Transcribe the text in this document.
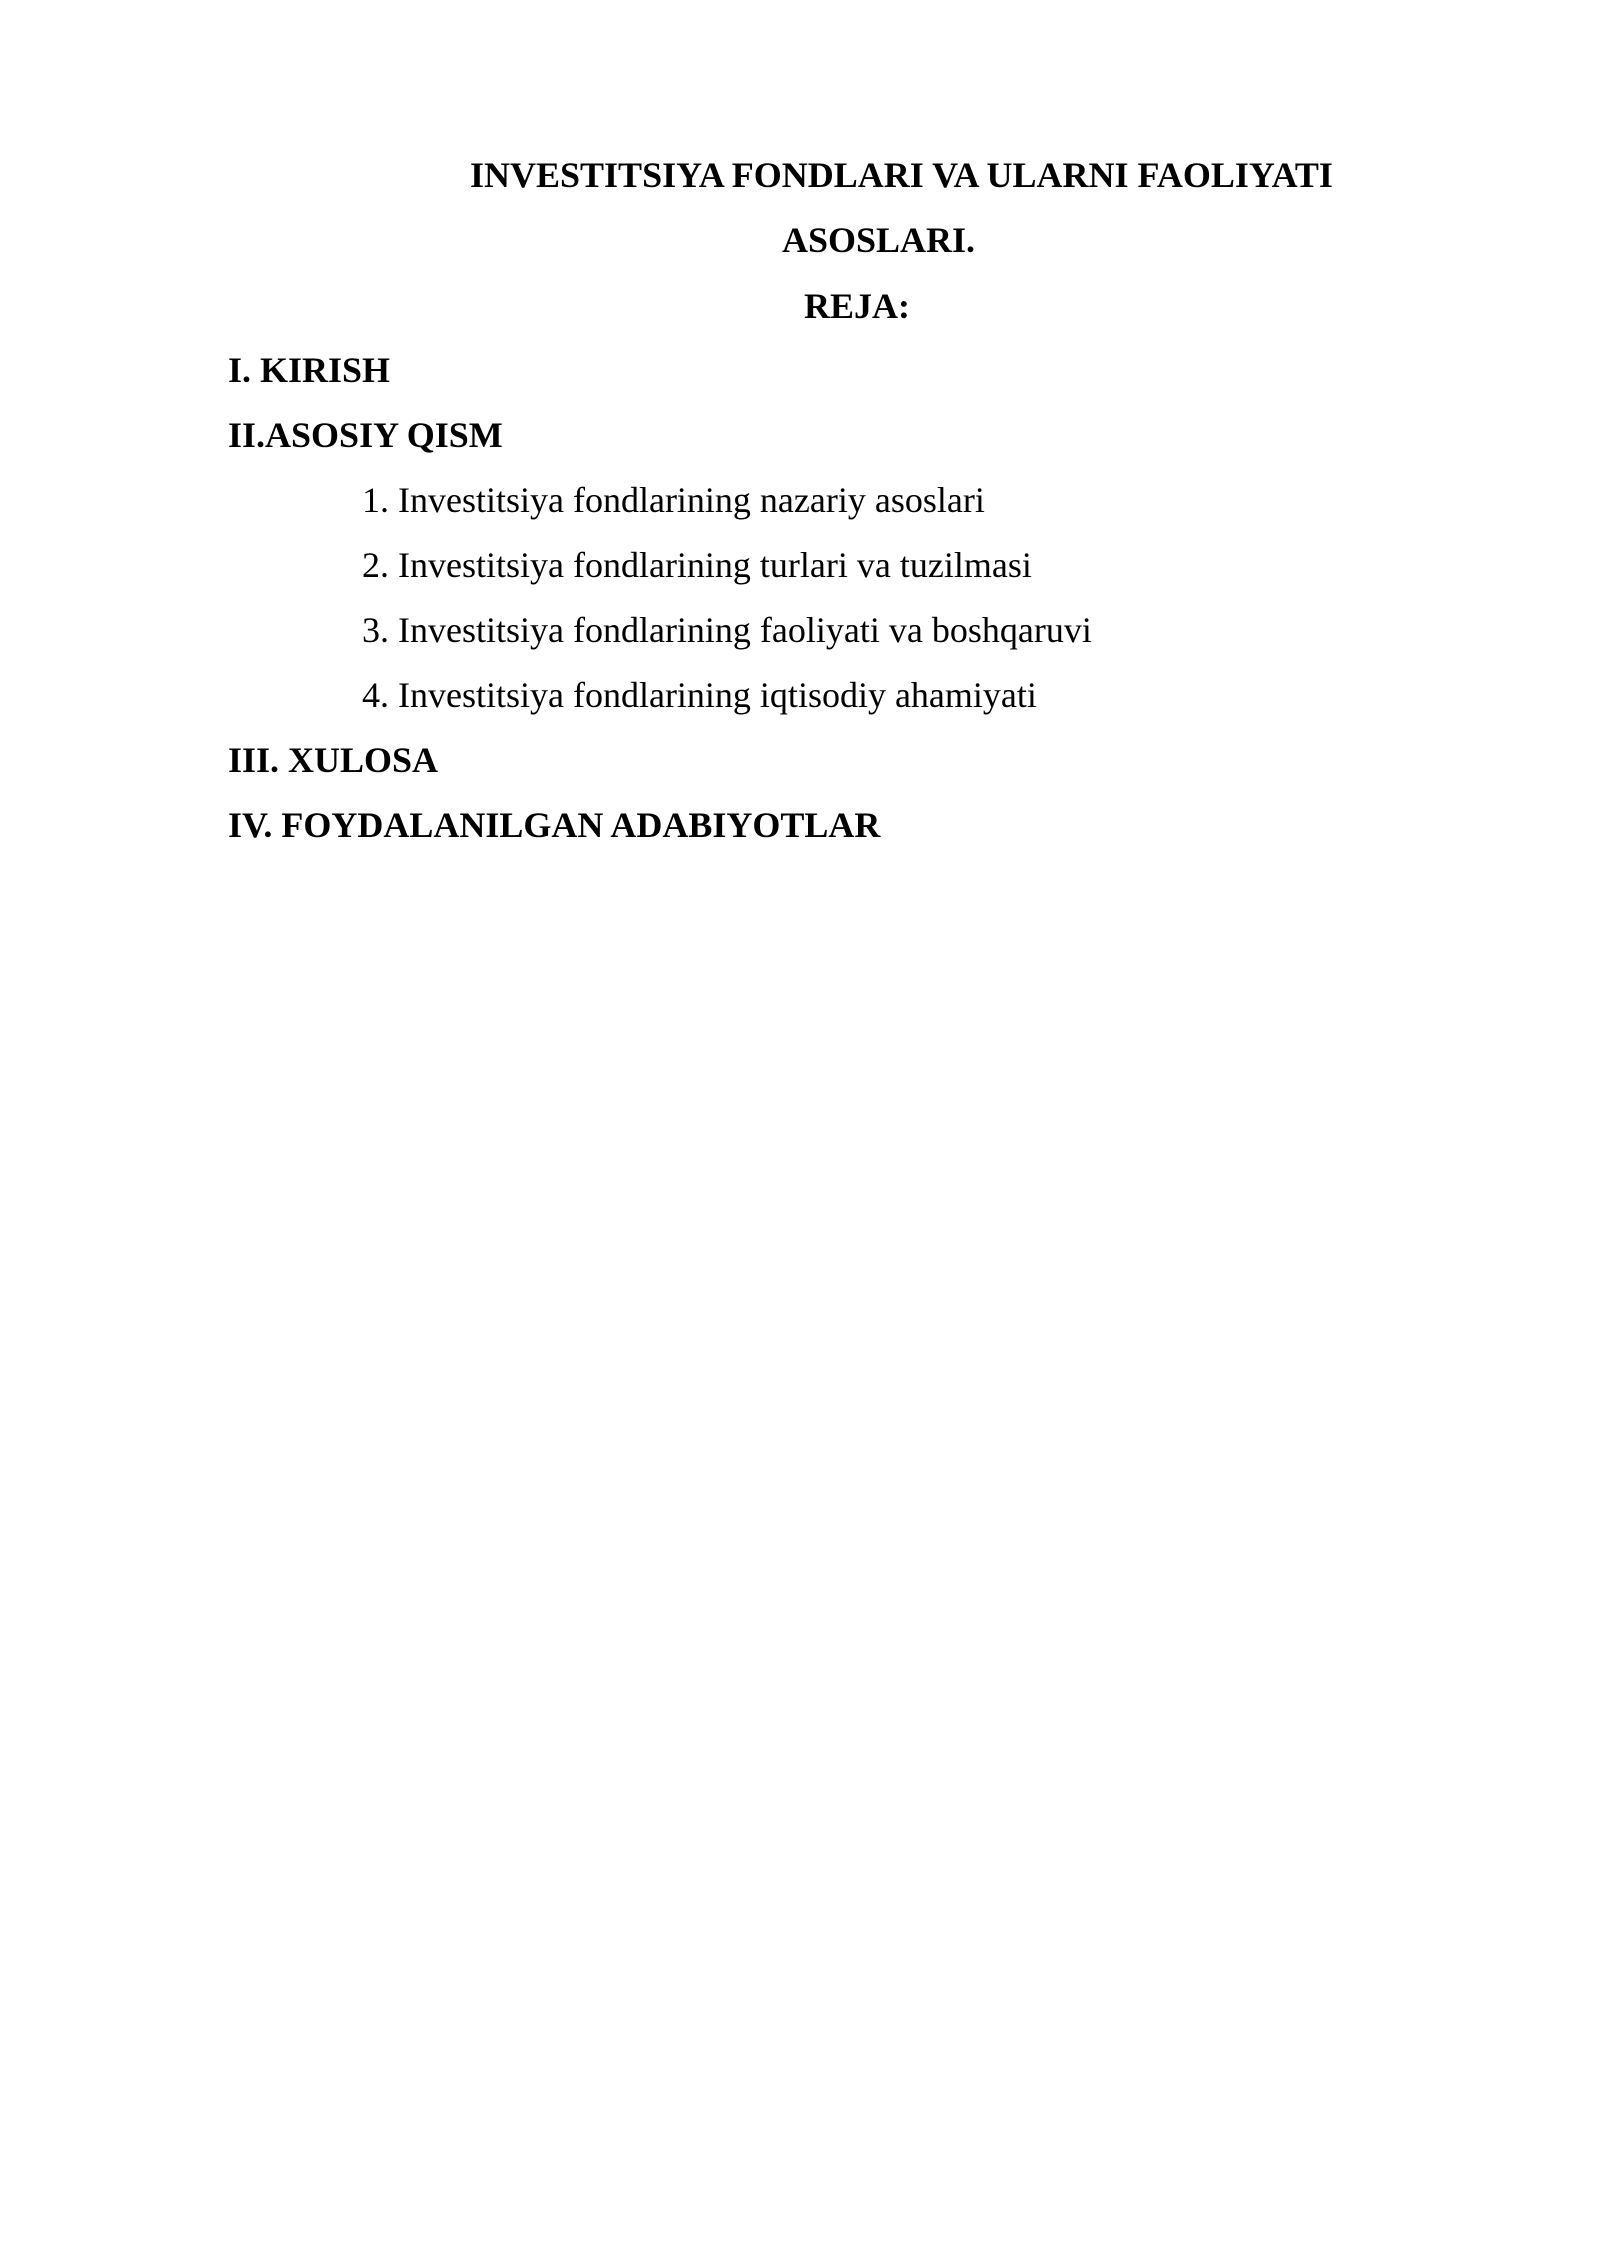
INVESTITSIYA FONDLARI VA ULARNI FAOLIYATI
ASOSLARI.
REJA:
I. KIRISH
II.ASOSIY QISM
1. Investitsiya fondlarining nazariy asoslari
2. Investitsiya fondlarining turlari va tuzilmasi
3. Investitsiya fondlarining faoliyati va boshqaruvi
4. Investitsiya fondlarining iqtisodiy ahamiyati
III. XULOSA
IV. FOYDALANILGAN ADABIYOTLAR
